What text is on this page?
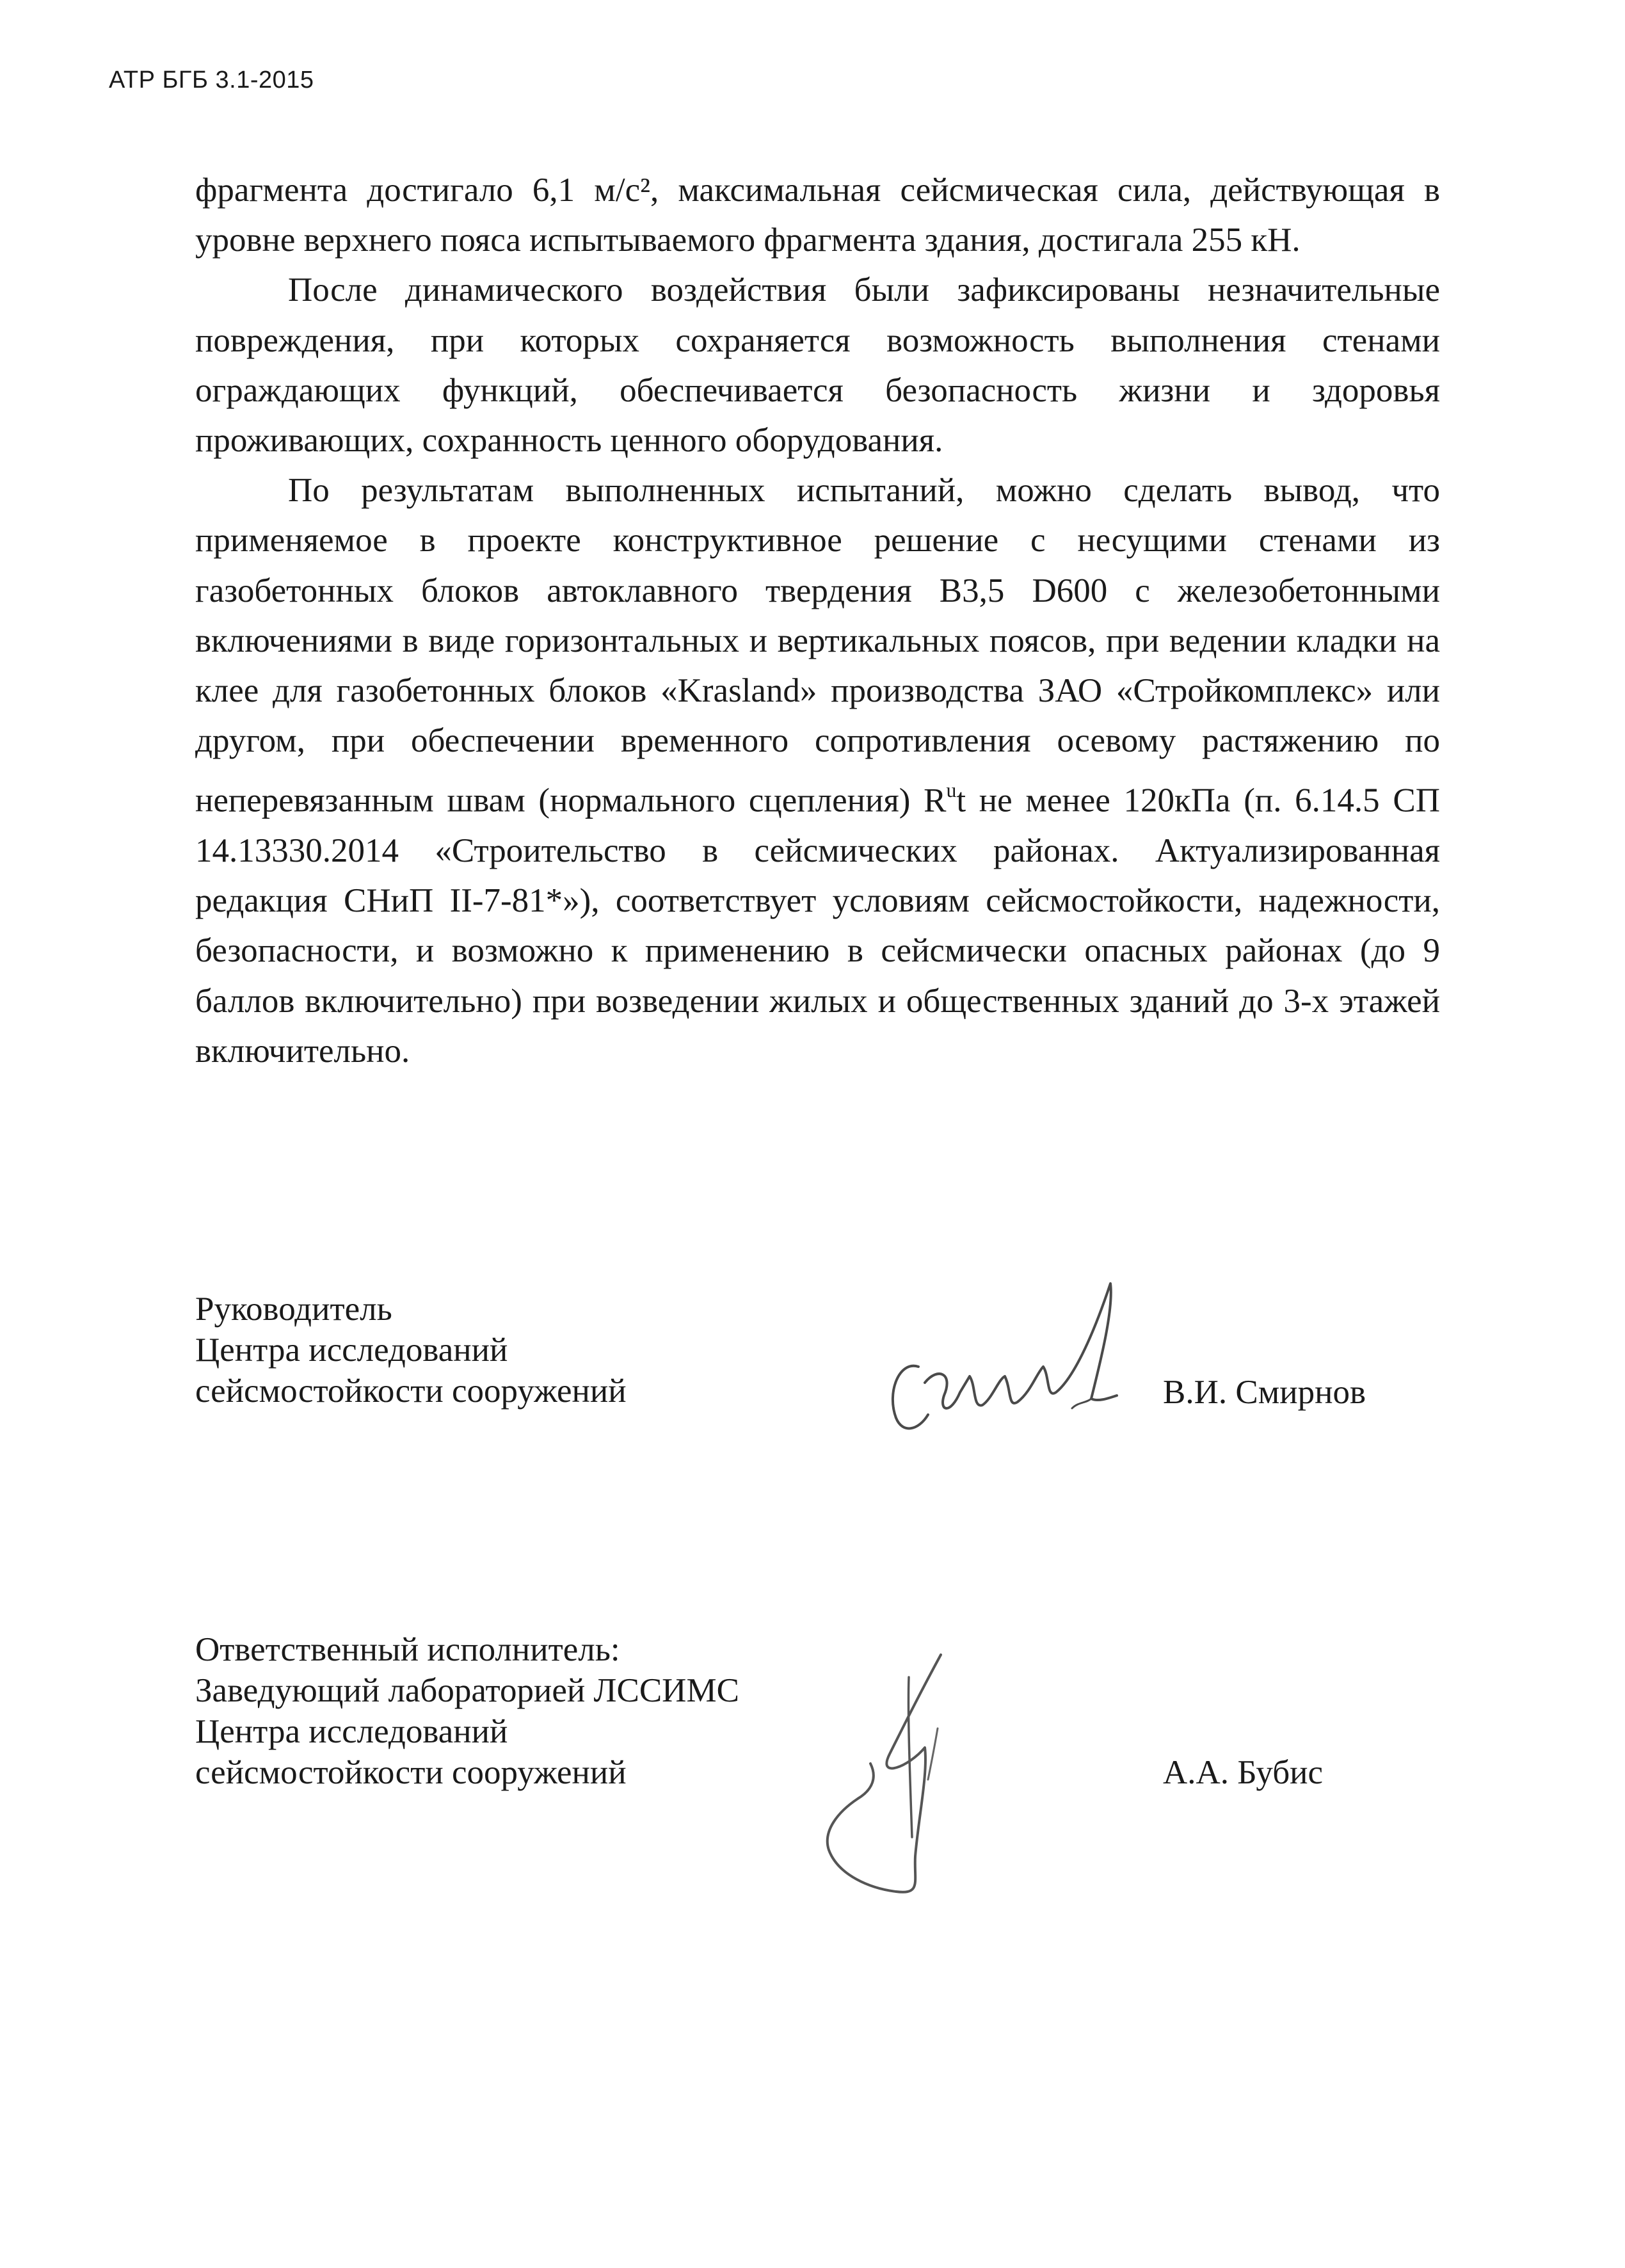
АТР БГБ 3.1-2015

фрагмента достигало 6,1 м/с², максимальная сейсмическая сила, действующая в уровне верхнего пояса испытываемого фрагмента здания, достигала 255 кН.

После динамического воздействия были зафиксированы незначительные повреждения, при которых сохраняется возможность выполнения стенами ограждающих функций, обеспечивается безопасность жизни и здоровья проживающих, сохранность ценного оборудования.

По результатам выполненных испытаний, можно сделать вывод, что применяемое в проекте конструктивное решение с несущими стенами из газобетонных блоков автоклавного твердения В3,5 D600 с железобетонными включениями в виде горизонтальных и вертикальных поясов, при ведении кладки на клее для газобетонных блоков «Krasland» производства ЗАО «Стройкомплекс» или другом, при обеспечении временного сопротивления осевому растяжению по неперевязанным швам (нормального сцепления) $R^ut$ не менее 120кПа (п. 6.14.5 СП 14.13330.2014 «Строительство в сейсмических районах. Актуализированная редакция СНиП II-7-81*»), соответствует условиям сейсмостойкости, надежности, безопасности, и возможно к применению в сейсмически опасных районах (до 9 баллов включительно) при возведении жилых и общественных зданий до 3-х этажей включительно.

Руководитель
Центра исследований
сейсмостойкости сооружений	В.И. Смирнов
Ответственный исполнитель:
Заведующий лабораторией ЛССИМС
Центра исследований
сейсмостойкости сооружений	А.А. Бубис
